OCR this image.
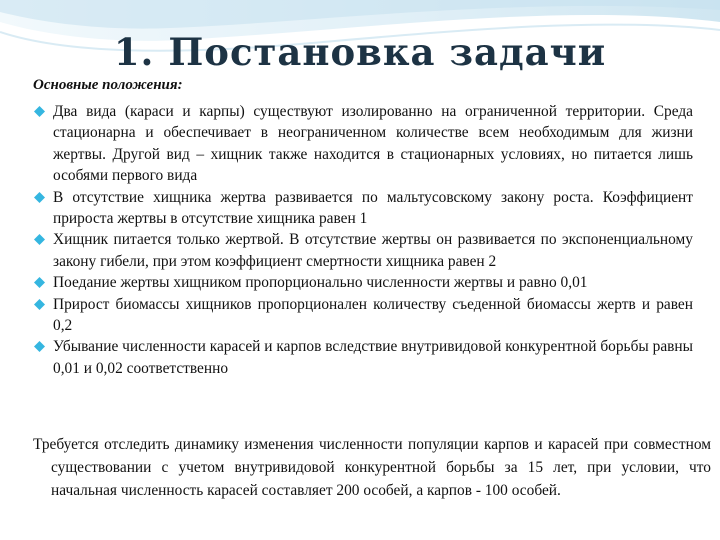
1. Постановка задачи

Основные положения:

Два вида (караси и карпы) существуют изолированно на ограниченной территории. Среда стационарна и обеспечивает в неограниченном количестве всем необходимым для жизни жертвы. Другой вид – хищник также находится в стационарных условиях, но питается лишь особями первого вида
В отсутствие хищника жертва развивается по мальтусовскому закону роста. Коэффициент прироста жертвы в отсутствие хищника равен 1
Хищник питается только жертвой. В отсутствие жертвы он развивается по экспоненциальному закону гибели, при этом коэффициент смертности хищника равен 2
Поедание жертвы хищником пропорционально численности жертвы и равно 0,01
Прирост биомассы хищников пропорционален количеству съеденной биомассы жертв и равен 0,2
Убывание численности карасей и карпов вследствие внутривидовой конкурентной борьбы равны 0,01 и 0,02 соответственно

Требуется отследить динамику изменения численности популяции карпов и карасей при совместном существовании с учетом внутривидовой конкурентной борьбы за 15 лет, при условии, что начальная численность карасей составляет 200 особей, а карпов - 100 особей.
